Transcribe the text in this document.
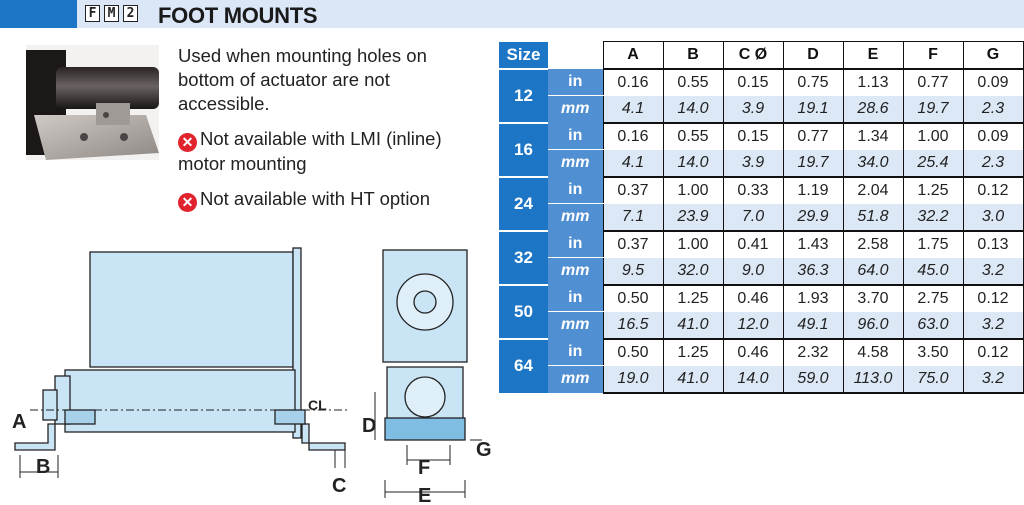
F M 2 FOOT MOUNTS

Used when mounting holes on bottom of actuator are not accessible.

✕ Not available with LMI (inline) motor mounting

✕ Not available with HT option

A
B
C
CL
D
F
E
G
Size		A	B	C Ø	D	E	F	G
12	in	0.16	0.55	0.15	0.75	1.13	0.77	0.09
	mm	4.1	14.0	3.9	19.1	28.6	19.7	2.3
16	in	0.16	0.55	0.15	0.77	1.34	1.00	0.09
	mm	4.1	14.0	3.9	19.7	34.0	25.4	2.3
24	in	0.37	1.00	0.33	1.19	2.04	1.25	0.12
	mm	7.1	23.9	7.0	29.9	51.8	32.2	3.0
32	in	0.37	1.00	0.41	1.43	2.58	1.75	0.13
	mm	9.5	32.0	9.0	36.3	64.0	45.0	3.2
50	in	0.50	1.25	0.46	1.93	3.70	2.75	0.12
	mm	16.5	41.0	12.0	49.1	96.0	63.0	3.2
64	in	0.50	1.25	0.46	2.32	4.58	3.50	0.12
	mm	19.0	41.0	14.0	59.0	113.0	75.0	3.2
